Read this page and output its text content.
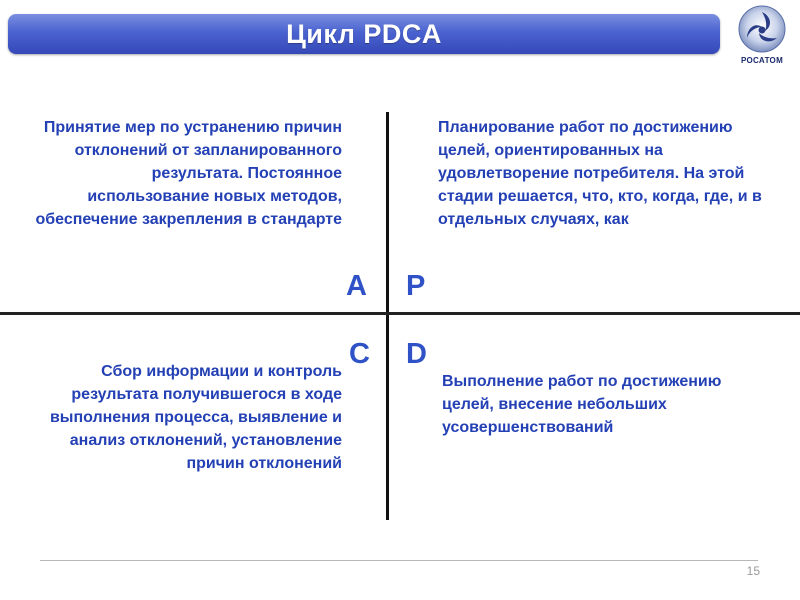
Цикл PDCA
РОСАТОМ
Принятие мер по устранению причин отклонений от запланированного результата. Постоянное использование новых методов, обеспечение закрепления в стандарте
Планирование работ по достижению целей, ориентированных на удовлетворение потребителя. На этой стадии решается, что, кто, когда, где, и в отдельных случаях, как
Сбор информации и контроль результата получившегося в ходе выполнения процесса, выявление и анализ отклонений, установление причин отклонений
Выполнение работ по достижению целей, внесение небольших усовершенствований
A P
C D
15
